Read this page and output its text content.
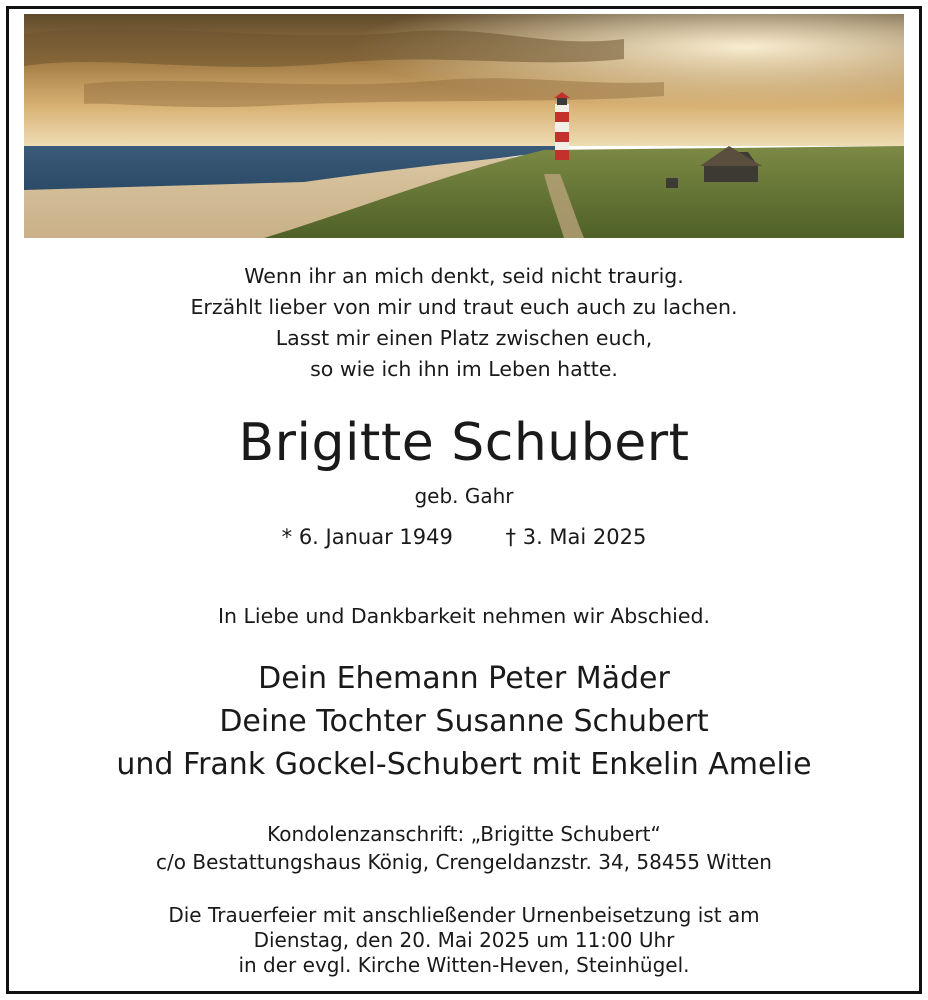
Wenn ihr an mich denkt, seid nicht traurig.
Erzählt lieber von mir und traut euch auch zu lachen.
Lasst mir einen Platz zwischen euch,
so wie ich ihn im Leben hatte.
Brigitte Schubert
geb. Gahr
* 6. Januar 1949	† 3. Mai 2025
In Liebe und Dankbarkeit nehmen wir Abschied.
Dein Ehemann Peter Mäder
Deine Tochter Susanne Schubert
und Frank Gockel-Schubert mit Enkelin Amelie
Kondolenzanschrift: „Brigitte Schubert“
c/o Bestattungshaus König, Crengeldanzstr. 34, 58455 Witten
Die Trauerfeier mit anschließender Urnenbeisetzung ist am
Dienstag, den 20. Mai 2025 um 11:00 Uhr
in der evgl. Kirche Witten-Heven, Steinhügel.
